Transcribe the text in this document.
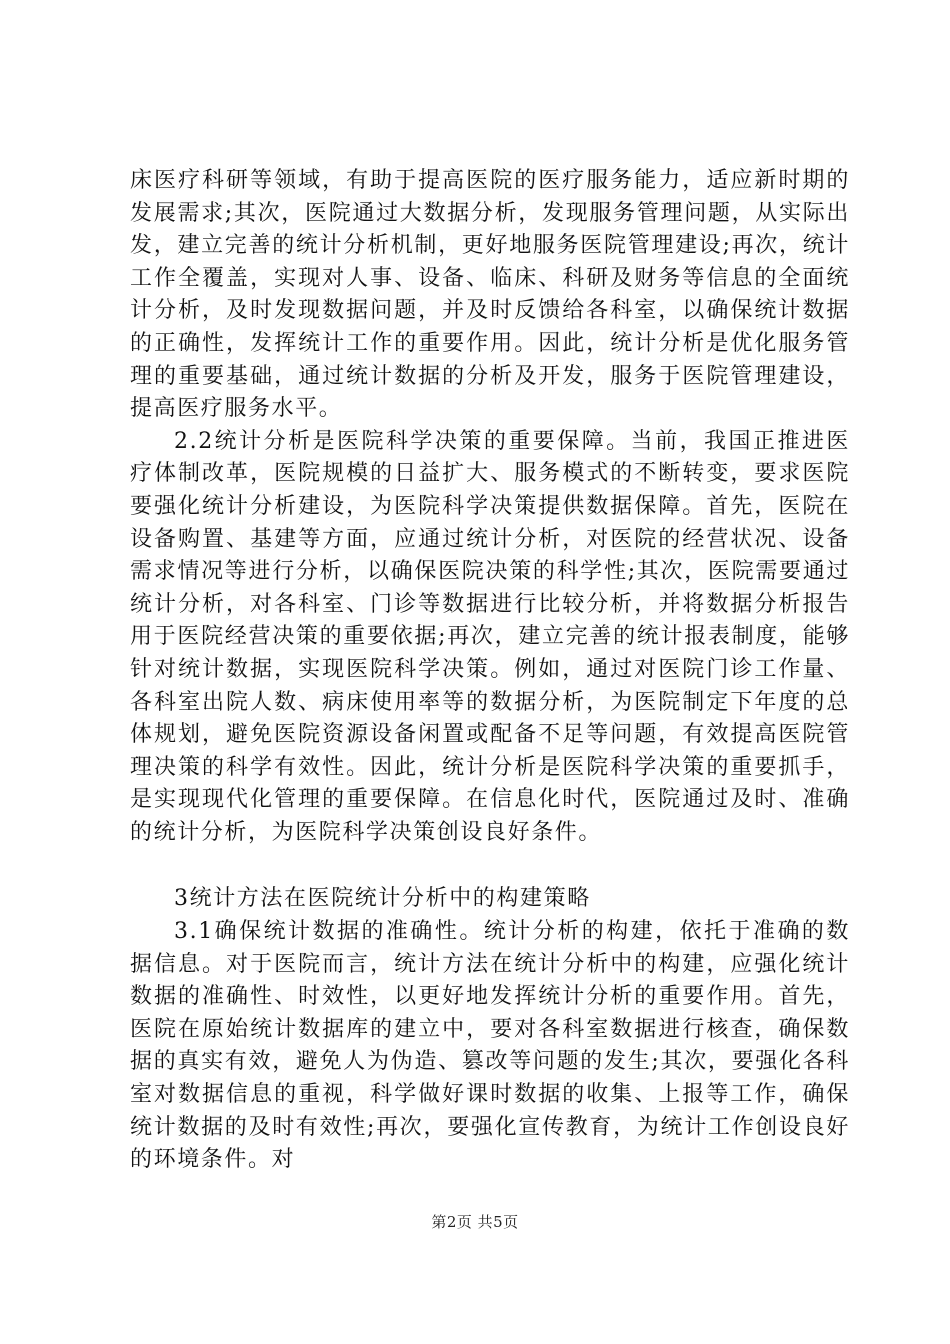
床医疗科研等领域，有助于提高医院的医疗服务能力，适应新时期的发展需求;其次，医院通过大数据分析，发现服务管理问题，从实际出发，建立完善的统计分析机制，更好地服务医院管理建设;再次，统计工作全覆盖，实现对人事、设备、临床、科研及财务等信息的全面统计分析，及时发现数据问题，并及时反馈给各科室，以确保统计数据的正确性，发挥统计工作的重要作用。因此，统计分析是优化服务管理的重要基础，通过统计数据的分析及开发，服务于医院管理建设，提高医疗服务水平。

2.2统计分析是医院科学决策的重要保障。当前，我国正推进医疗体制改革，医院规模的日益扩大、服务模式的不断转变，要求医院要强化统计分析建设，为医院科学决策提供数据保障。首先，医院在设备购置、基建等方面，应通过统计分析，对医院的经营状况、设备需求情况等进行分析，以确保医院决策的科学性;其次，医院需要通过统计分析，对各科室、门诊等数据进行比较分析，并将数据分析报告用于医院经营决策的重要依据;再次，建立完善的统计报表制度，能够针对统计数据，实现医院科学决策。例如，通过对医院门诊工作量、各科室出院人数、病床使用率等的数据分析，为医院制定下年度的总体规划，避免医院资源设备闲置或配备不足等问题，有效提高医院管理决策的科学有效性。因此，统计分析是医院科学决策的重要抓手，是实现现代化管理的重要保障。在信息化时代，医院通过及时、准确的统计分析，为医院科学决策创设良好条件。

3统计方法在医院统计分析中的构建策略

3.1确保统计数据的准确性。统计分析的构建，依托于准确的数据信息。对于医院而言，统计方法在统计分析中的构建，应强化统计数据的准确性、时效性，以更好地发挥统计分析的重要作用。首先，医院在原始统计数据库的建立中，要对各科室数据进行核查，确保数据的真实有效，避免人为伪造、篡改等问题的发生;其次，要强化各科室对数据信息的重视，科学做好课时数据的收集、上报等工作，确保统计数据的及时有效性;再次，要强化宣传教育，为统计工作创设良好的环境条件。对

第2页 共5页
